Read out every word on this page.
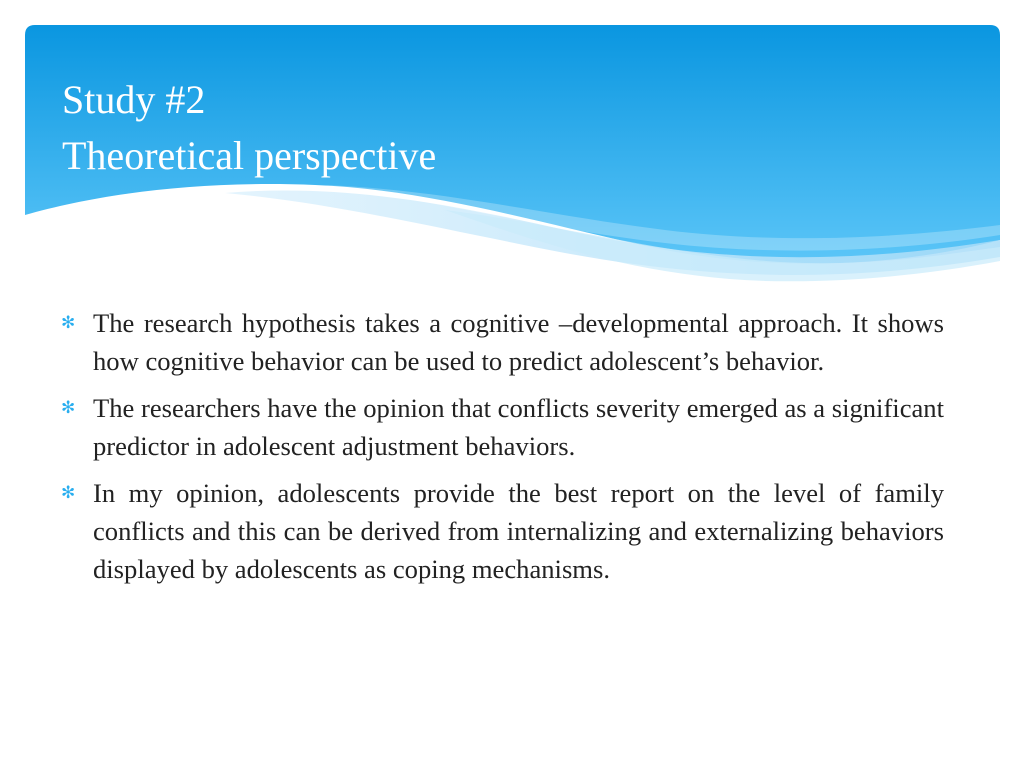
Study #2
Theoretical perspective
✻ The research hypothesis takes a cognitive –developmental approach. It shows how cognitive behavior can be used to predict adolescent’s behavior.
✻ The researchers have the opinion that conflicts severity emerged as a significant predictor in adolescent adjustment behaviors.
✻ In my opinion, adolescents provide the best report on the level of family conflicts and this can be derived from internalizing and externalizing behaviors displayed by adolescents as coping mechanisms.
